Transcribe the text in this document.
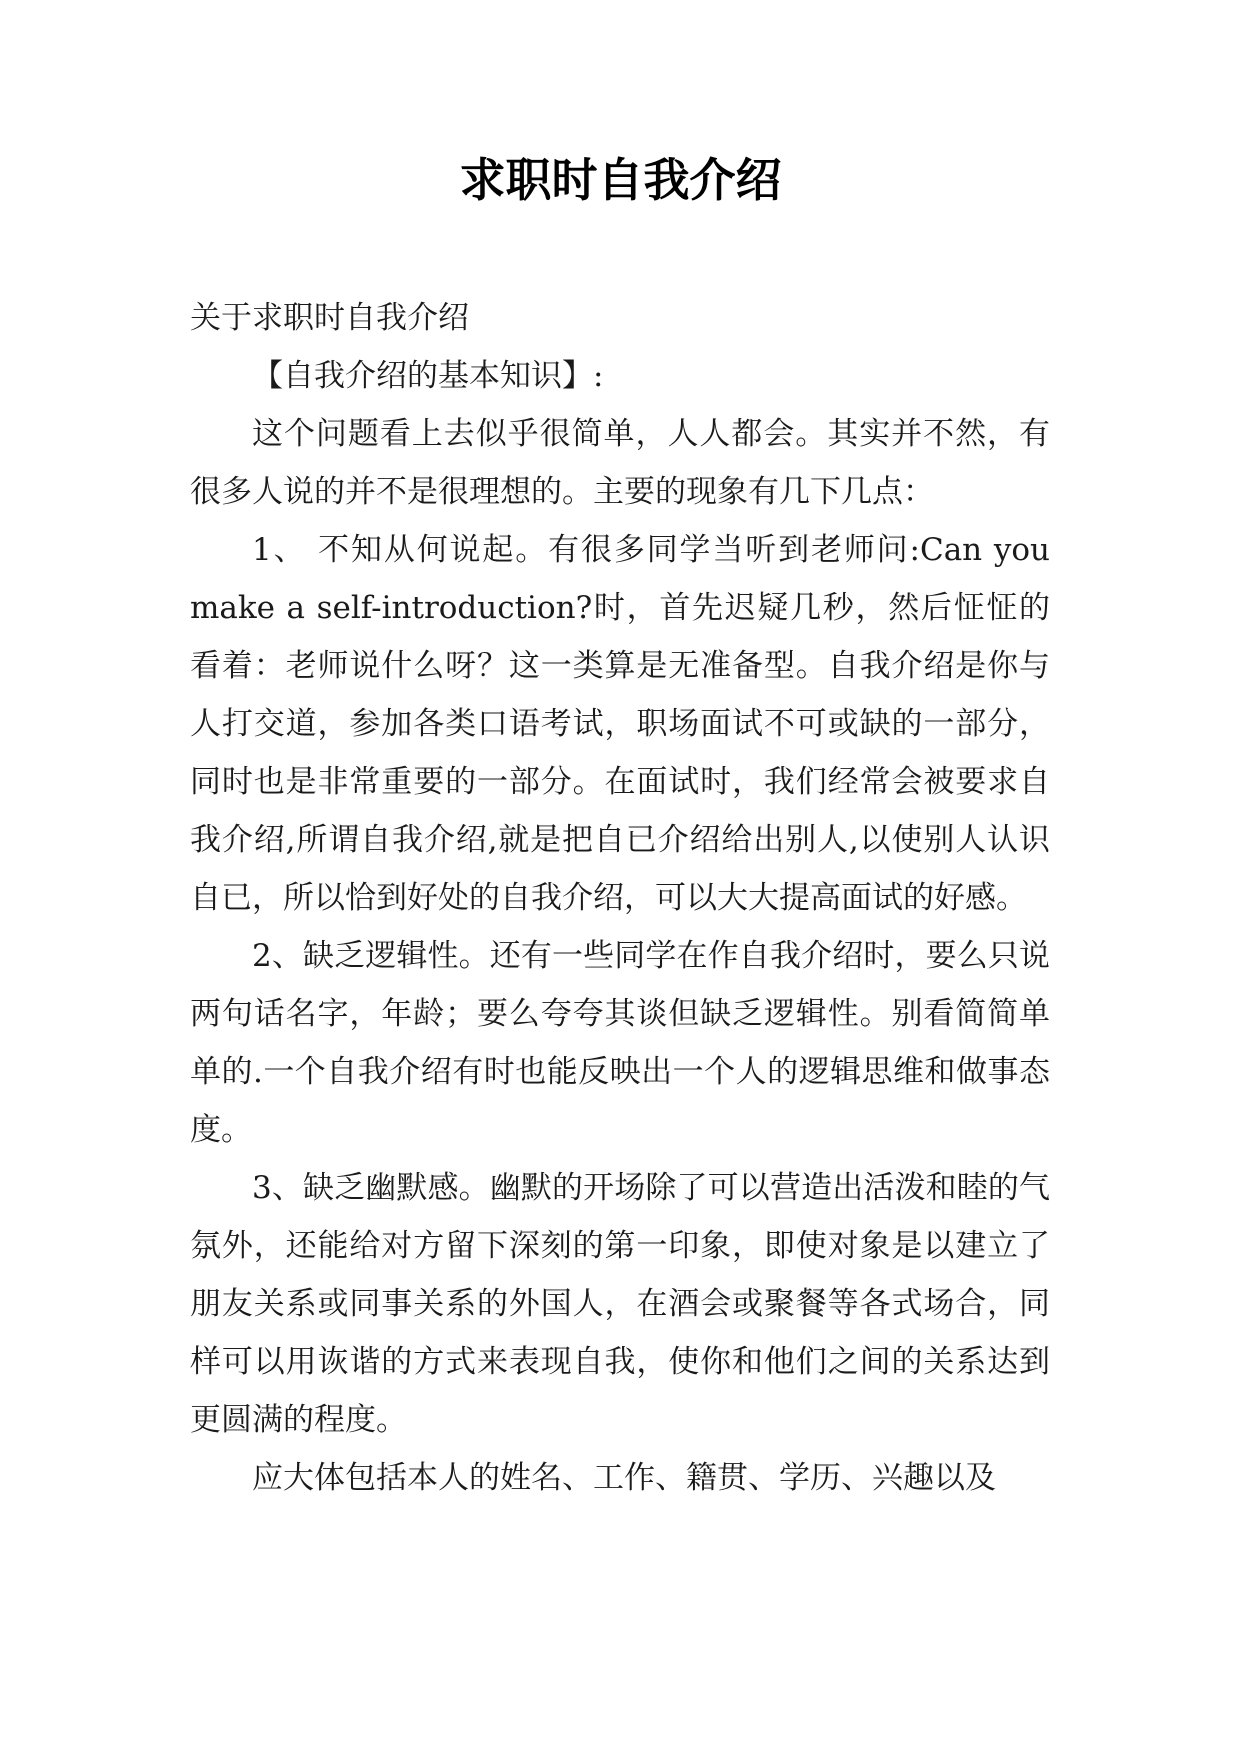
求职时自我介绍

关于求职时自我介绍

【自我介绍的基本知识】:

这个问题看上去似乎很简单，人人都会。其实并不然，有很多人说的并不是很理想的。主要的现象有几下几点：

1、 不知从何说起。有很多同学当听到老师问:Can you make a self-introduction?时，首先迟疑几秒，然后怔怔的看着：老师说什么呀？这一类算是无准备型。自我介绍是你与人打交道，参加各类口语考试，职场面试不可或缺的一部分，同时也是非常重要的一部分。在面试时，我们经常会被要求自我介绍,所谓自我介绍,就是把自已介绍给出别人,以使别人认识自已，所以恰到好处的自我介绍，可以大大提高面试的好感。

2、缺乏逻辑性。还有一些同学在作自我介绍时，要么只说两句话名字，年龄；要么夸夸其谈但缺乏逻辑性。别看简简单单的.一个自我介绍有时也能反映出一个人的逻辑思维和做事态度。

3、缺乏幽默感。幽默的开场除了可以营造出活泼和睦的气氛外，还能给对方留下深刻的第一印象，即使对象是以建立了朋友关系或同事关系的外国人，在酒会或聚餐等各式场合，同样可以用诙谐的方式来表现自我，使你和他们之间的关系达到更圆满的程度。

应大体包括本人的姓名、工作、籍贯、学历、兴趣以及
